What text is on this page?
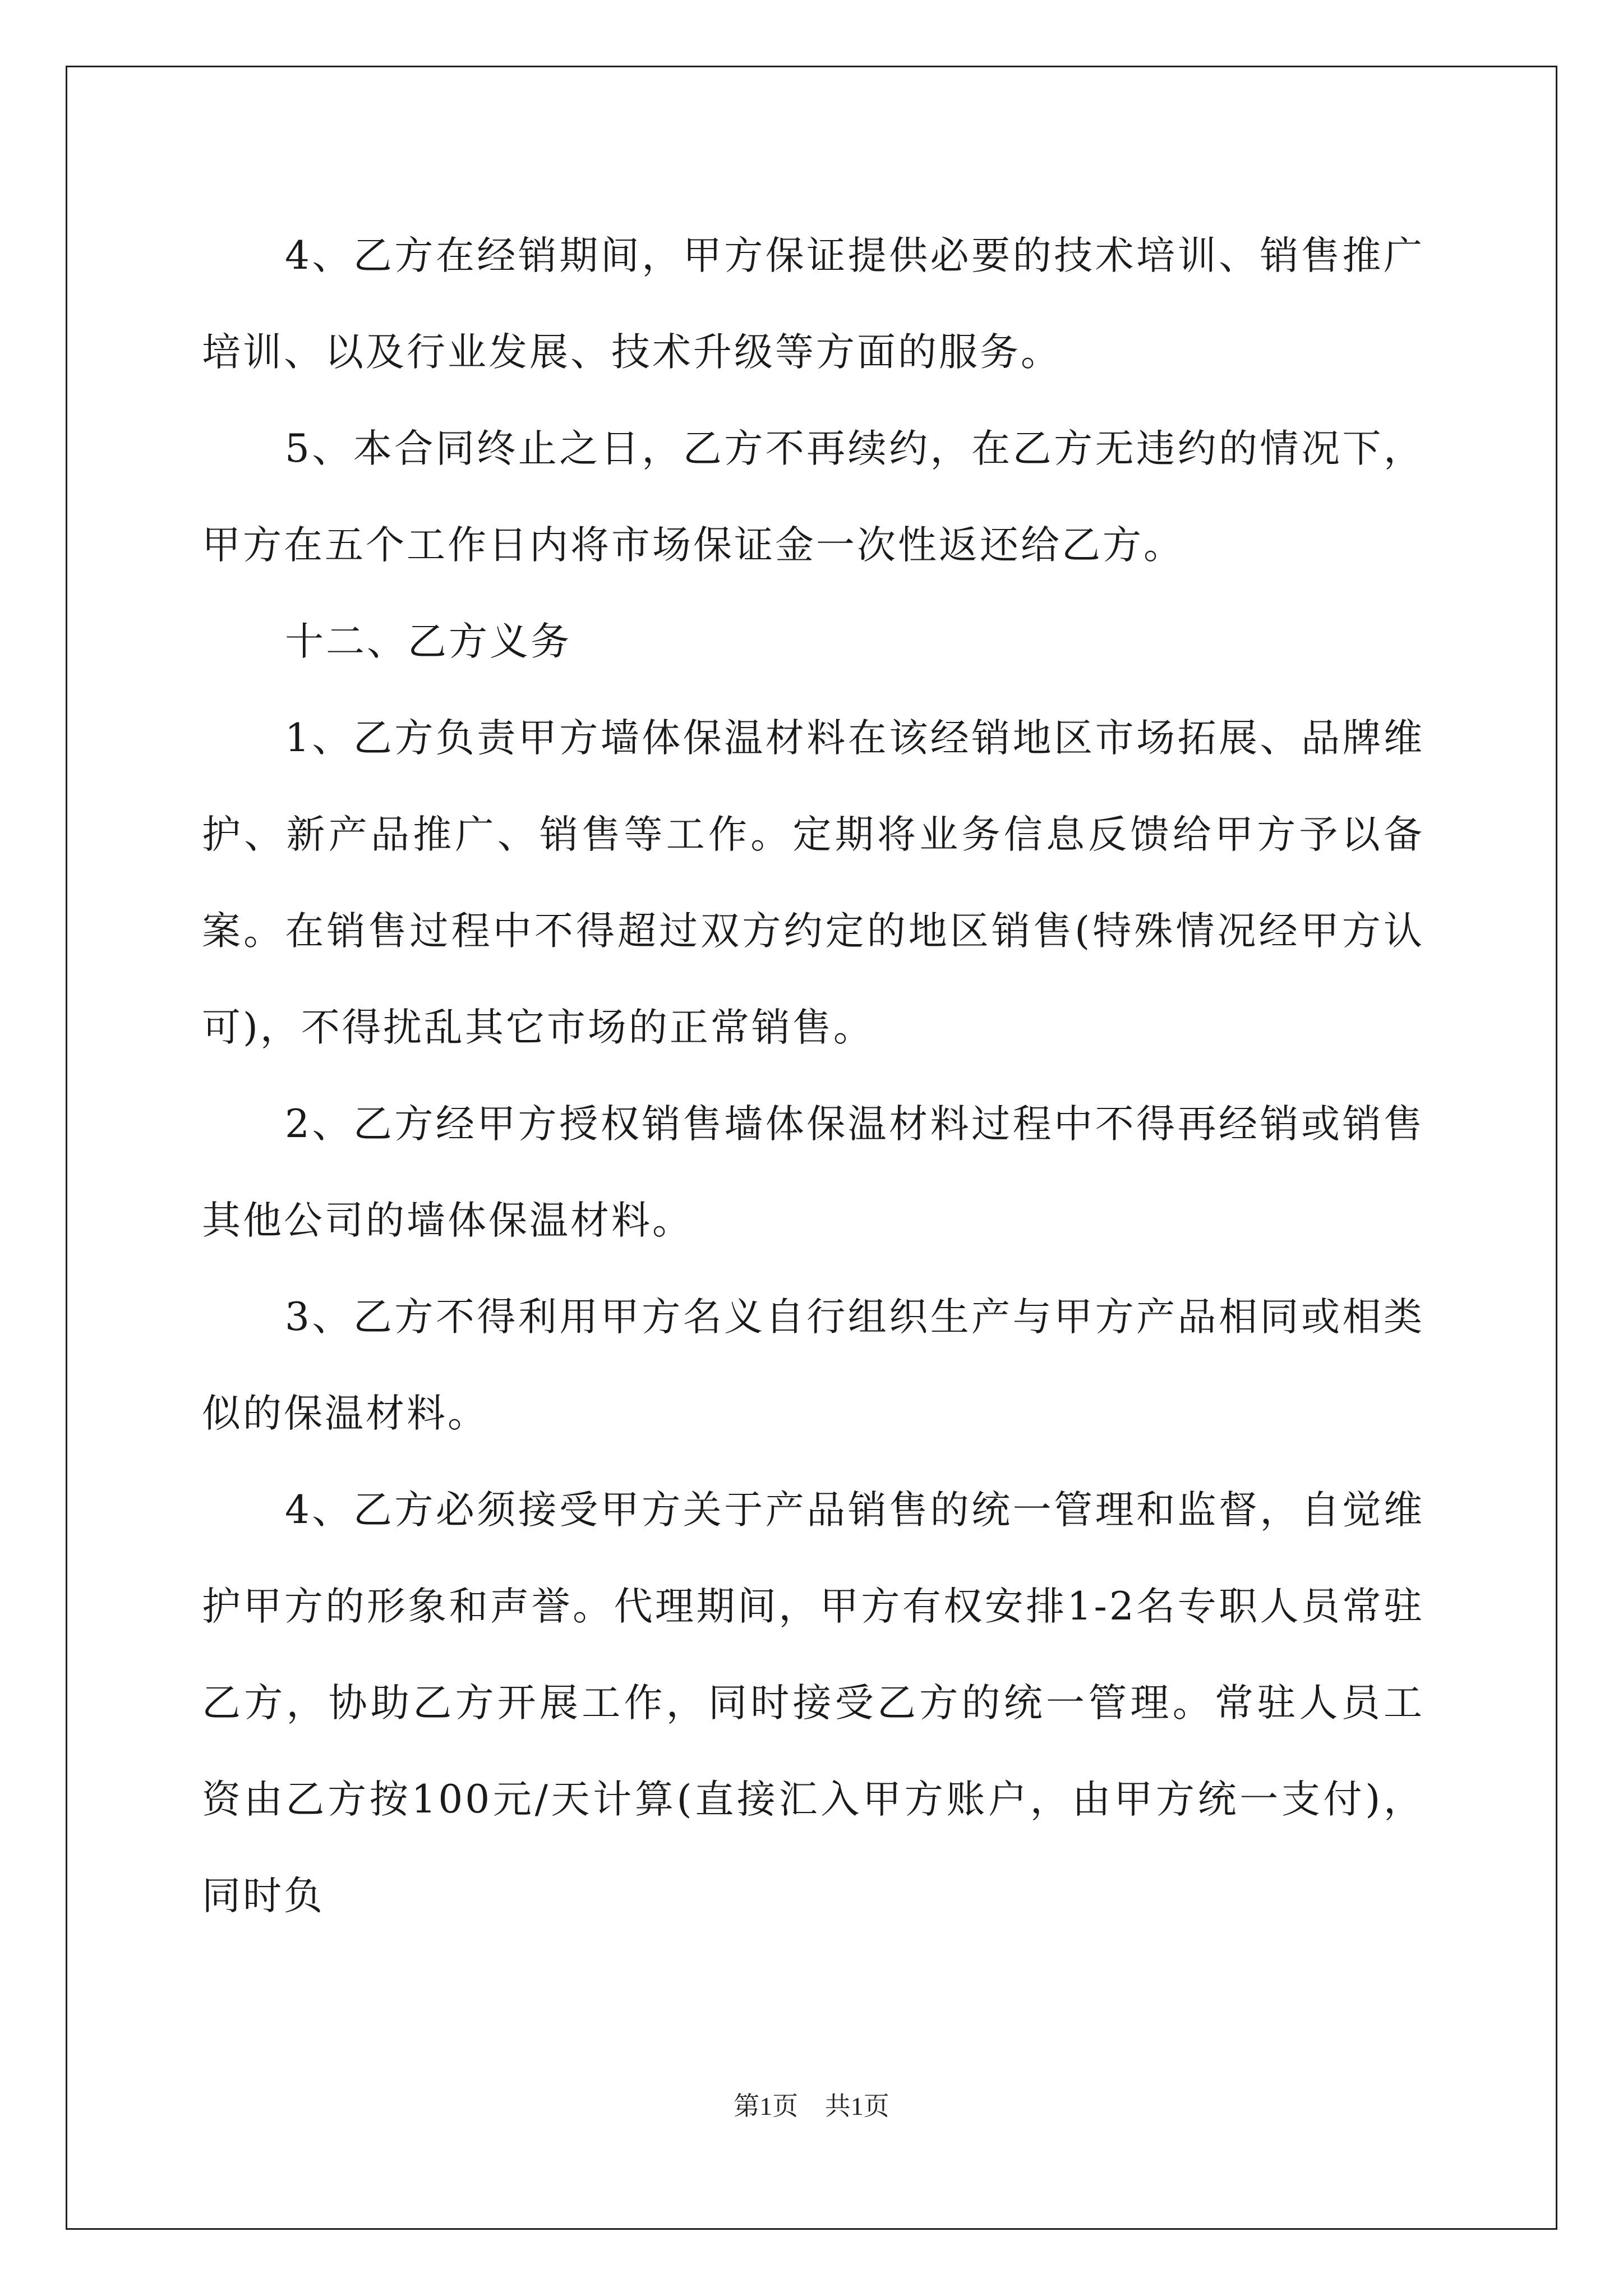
4、乙方在经销期间，甲方保证提供必要的技术培训、销售推广培训、以及行业发展、技术升级等方面的服务。

5、本合同终止之日，乙方不再续约，在乙方无违约的情况下，甲方在五个工作日内将市场保证金一次性返还给乙方。

十二、乙方义务

1、乙方负责甲方墙体保温材料在该经销地区市场拓展、品牌维护、新产品推广、销售等工作。定期将业务信息反馈给甲方予以备案。在销售过程中不得超过双方约定的地区销售(特殊情况经甲方认可)，不得扰乱其它市场的正常销售。

2、乙方经甲方授权销售墙体保温材料过程中不得再经销或销售其他公司的墙体保温材料。

3、乙方不得利用甲方名义自行组织生产与甲方产品相同或相类似的保温材料。

4、乙方必须接受甲方关于产品销售的统一管理和监督，自觉维护甲方的形象和声誉。代理期间，甲方有权安排1-2名专职人员常驻乙方，协助乙方开展工作，同时接受乙方的统一管理。常驻人员工资由乙方按100元/天计算(直接汇入甲方账户，由甲方统一支付)，同时负

第1页 共1页
